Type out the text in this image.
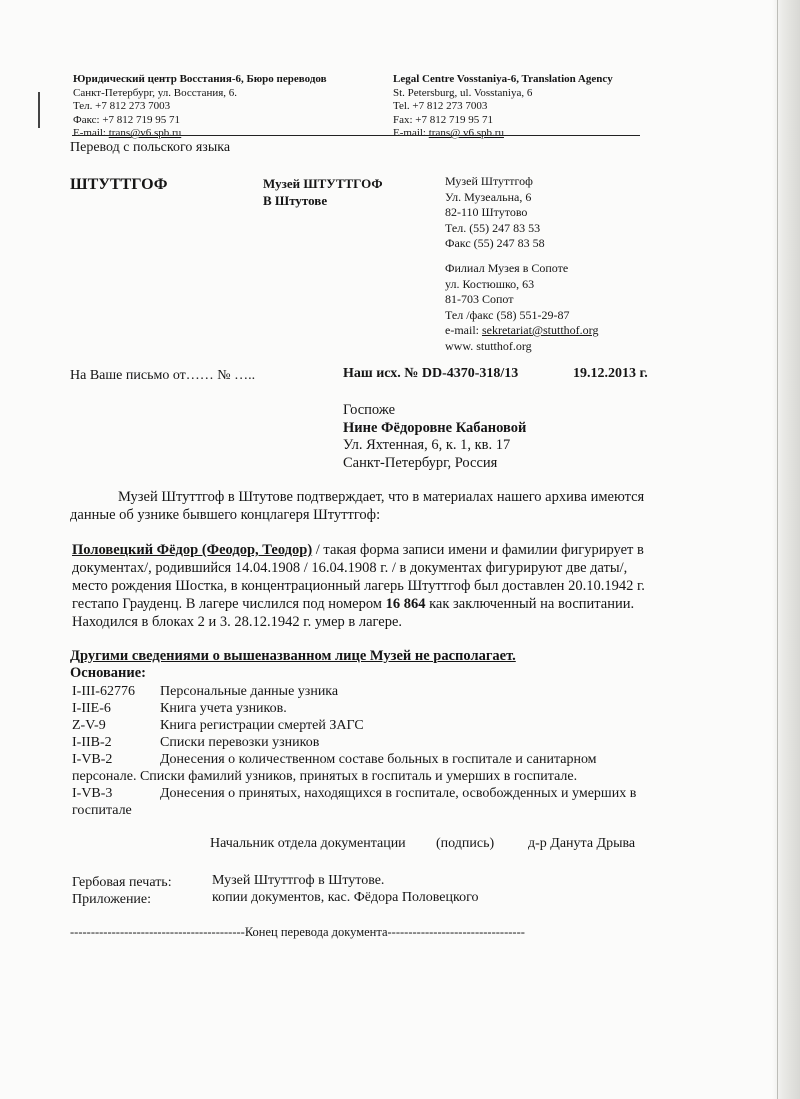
Юридический центр Восстания-6, Бюро переводов
Санкт-Петербург, ул. Восстания, 6.
Тел. +7 812 273 7003
Факс: +7 812 719 95 71
E-mail: trans@v6.spb.ru
Legal Centre Vosstaniya-6, Translation Agency
St. Petersburg, ul. Vosstaniya, 6
Tel. +7 812 273 7003
Fax: +7 812 719 95 71
E-mail: trans@ v6.spb.ru
Перевод с польского языка
ШТУТТГОФ	Музей ШТУТТГОФ
В Штутове
Музей Штуттгоф
Ул. Музеальна, 6
82-110 Штутово
Тел. (55) 247 83 53
Факс (55) 247 83 58
Филиал Музея в Сопоте
ул. Костюшко, 63
81-703 Сопот
Тел /факс (58) 551-29-87
e-mail: sekretariat@stutthof.org
www. stutthof.org
На Ваше письмо от…… № …..	Наш исх. № DD-4370-318/13	19.12.2013 г.
Госпоже
Нине Фёдоровне Кабановой
Ул. Яхтенная, 6, к. 1, кв. 17
Санкт-Петербург, Россия
Музей Штуттгоф в Штутове подтверждает, что в материалах нашего архива имеются
данные об узнике бывшего концлагеря Штуттгоф:
Половецкий Фёдор (Феодор, Теодор) / такая форма записи имени и фамилии фигурирует в документах/, родившийся 14.04.1908 / 16.04.1908 г. / в документах фигурируют две даты/, место рождения Шостка, в концентрационный лагерь Штуттгоф был доставлен 20.10.1942 г. гестапо Грауденц. В лагере числился под номером 16 864 как заключенный на воспитании. Находился в блоках 2 и 3. 28.12.1942 г. умер в лагере.
Другими сведениями о вышеназванном лице Музей не располагает.
Основание:
I-III-62776 Персональные данные узника
I-IIE-6	Книга учета узников.
Z-V-9	Книга регистрации смертей ЗАГС
I-IIB-2	Списки перевозки узников
I-VB-2	Донесения о количественном составе больных в госпитале и санитарном
персонале. Списки фамилий узников, принятых в госпиталь и умерших в госпитале.
I-VB-3	Донесения о принятых, находящихся в госпитале, освобожденных и умерших в
госпитале
Начальник отдела документации (подпись) д-р Данута Дрыва
Гербовая печать:	Музей Штуттгоф в Штутове.
Приложение:	копии документов, кас. Фёдора Половецкого
------------------------------------------Конец перевода документа---------------------------------
